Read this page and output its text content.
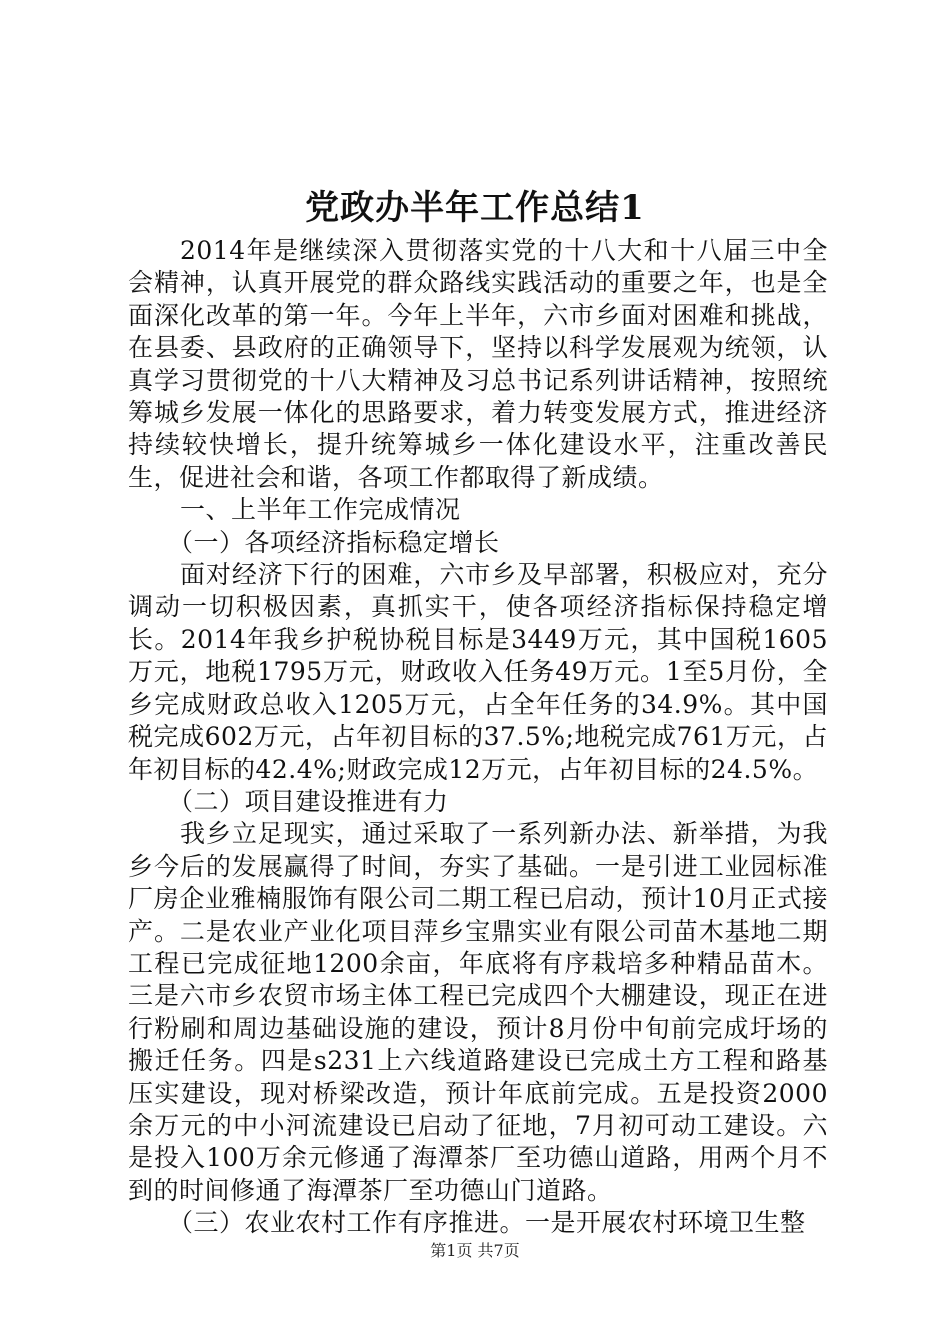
党政办半年工作总结1

2014年是继续深入贯彻落实党的十八大和十八届三中全会精神，认真开展党的群众路线实践活动的重要之年，也是全面深化改革的第一年。今年上半年，六市乡面对困难和挑战，在县委、县政府的正确领导下，坚持以科学发展观为统领，认真学习贯彻党的十八大精神及习总书记系列讲话精神，按照统筹城乡发展一体化的思路要求，着力转变发展方式，推进经济持续较快增长，提升统筹城乡一体化建设水平，注重改善民生，促进社会和谐，各项工作都取得了新成绩。

一、上半年工作完成情况

（一）各项经济指标稳定增长

面对经济下行的困难，六市乡及早部署，积极应对，充分调动一切积极因素，真抓实干，使各项经济指标保持稳定增长。2014年我乡护税协税目标是3449万元，其中国税1605万元，地税1795万元，财政收入任务49万元。1至5月份，全乡完成财政总收入1205万元，占全年任务的34.9%。其中国税完成602万元，占年初目标的37.5%;地税完成761万元，占年初目标的42.4%;财政完成12万元，占年初目标的24.5%。

（二）项目建设推进有力

我乡立足现实，通过采取了一系列新办法、新举措，为我乡今后的发展赢得了时间，夯实了基础。一是引进工业园标准厂房企业雅楠服饰有限公司二期工程已启动，预计10月正式接产。二是农业产业化项目萍乡宝鼎实业有限公司苗木基地二期工程已完成征地1200余亩，年底将有序栽培多种精品苗木。三是六市乡农贸市场主体工程已完成四个大棚建设，现正在进行粉刷和周边基础设施的建设，预计8月份中旬前完成圩场的搬迁任务。四是s231上六线道路建设已完成土方工程和路基压实建设，现对桥梁改造，预计年底前完成。五是投资2000余万元的中小河流建设已启动了征地，7月初可动工建设。六是投入100万余元修通了海潭茶厂至功德山道路，用两个月不到的时间修通了海潭茶厂至功德山门道路。

（三）农业农村工作有序推进。一是开展农村环境卫生整

第1页 共7页
